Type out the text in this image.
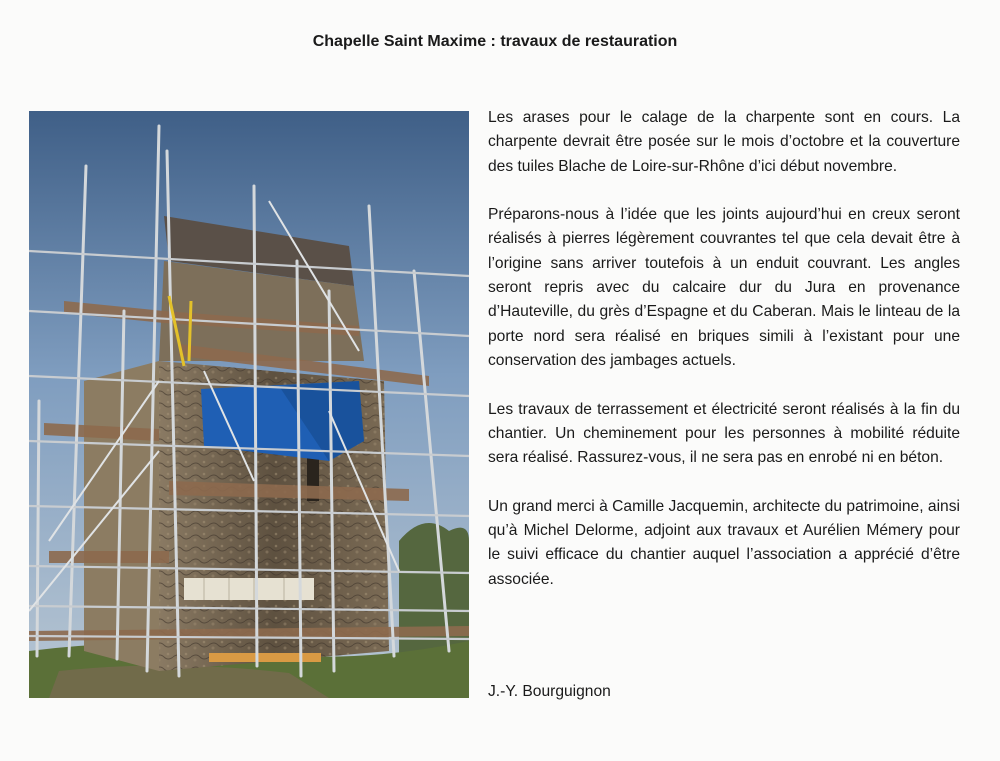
Chapelle Saint Maxime : travaux de restauration

Les arases pour le calage de la charpente sont en cours. La charpente devrait être posée sur le mois d’octobre et la couverture des tuiles Blache de Loire-sur-Rhône d’ici début novembre.

Préparons-nous à l’idée que les joints aujourd’hui en creux seront réalisés à pierres légèrement couvrantes tel que cela devait être à l’origine sans arriver toutefois à un enduit couvrant. Les angles seront repris avec du calcaire dur du Jura en provenance d’Hauteville, du grès d’Espagne et du Caberan. Mais le linteau de la porte nord sera réalisé en briques simili à l’existant pour une conservation des jambages actuels.

Les travaux de terrassement et électricité seront réalisés à la fin du chantier. Un cheminement pour les personnes à mobilité réduite sera réalisé. Rassurez-vous, il ne sera pas en enrobé ni en béton.

Un grand merci à Camille Jacquemin, architecte du patrimoine, ainsi qu’à Michel Delorme, adjoint aux travaux et Aurélien Mémery pour le suivi efficace du chantier auquel l’association a apprécié d’être associée.

J.-Y. Bourguignon
